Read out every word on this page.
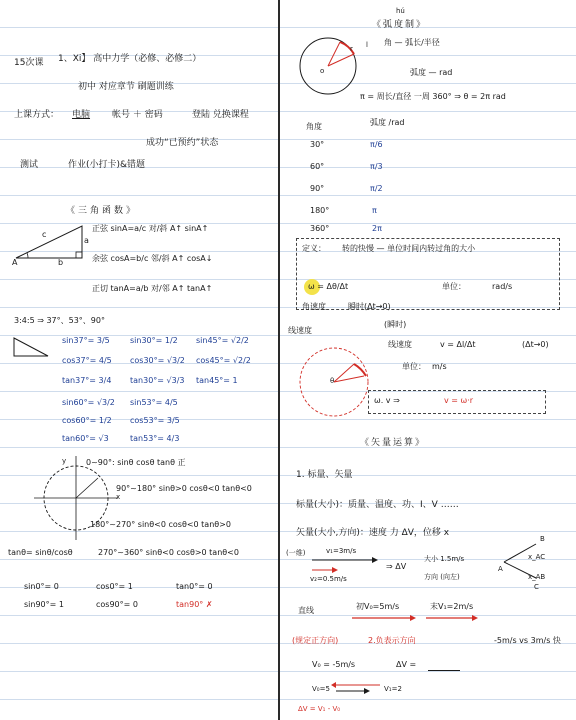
15次课 1、Xi】 高中力学（必修、必修二）
初中 对应章节 刷题训练
上课方式： 电脑 帐号 ＋ 密码	登陆 兑换课程
成功“已预约”状态
测试	作业(小打卡)&错题
《三角函数》
A	b
c
a
正弦 sinA=a/c 对/斜 A↑ sinA↑
余弦 cosA=b/c 邻/斜 A↑ cosA↓
正切 tanA=a/b 对/邻 A↑ tanA↑
3:4:5 ⇒ 37°、53°、90°
sin37°= 3/5	sin30°= 1/2 sin45°= √2/2
cos37°= 4/5 cos30°= √3/2 cos45°= √2/2
tan37°= 3/4 tan30°= √3/3 tan45°= 1
sin60°= √3/2 sin53°= 4/5
cos60°= 1/2 cos53°= 3/5
tan60°= √3	tan53°= 4/3
y
x
0~90°: sinθ cosθ tanθ 正
90°~180° sinθ>0 cosθ<0 tanθ<0
180°~270° sinθ<0 cosθ<0 tanθ>0
tanθ= sinθ/cosθ	270°~360° sinθ<0 cosθ>0 tanθ<0
sin0°= 0	cos0°= 1	tan0°= 0
sin90°= 1	cos90°= 0	tan90° ✗
hú
《弧度制》
o
r l 角 — 弧长/半径
弧度 — rad
π = 周长/直径 一周 360° ⇒ θ = 2π rad
角度	弧度 /rad
30°	π/6
60°	π/3
90°	π/2
180°	π
360°	2π
定义： 转的快慢 — 单位时间内转过角的大小
ω = Δθ/Δt	单位：	rad/s
角速度	瞬时(Δt→0)
线速度
(瞬时)
线速度	v = Δl/Δt	(Δt→0)
单位： m/s
θ
ω. v ⇒	v = ω·r
《矢量运算》
1. 标量、矢量
标量(大小)：质量、温度、功、I、V ……
矢量(大小,方向)：速度 力 ΔV，位移 x
(一维)	v₁=3m/s
v₂=0.5m/s
⇒ ΔV
大小 1.5m/s
方向 (向左)
A
B
C
x_AC
x_AB
直线	初V₀=5m/s	末V₁=2m/s
(规定正方向)	2.负表示方向	-5m/s vs 3m/s 快
V₀ = -5m/s	ΔV =
V₀=5	V₁=2
ΔV = V₁ - V₀
